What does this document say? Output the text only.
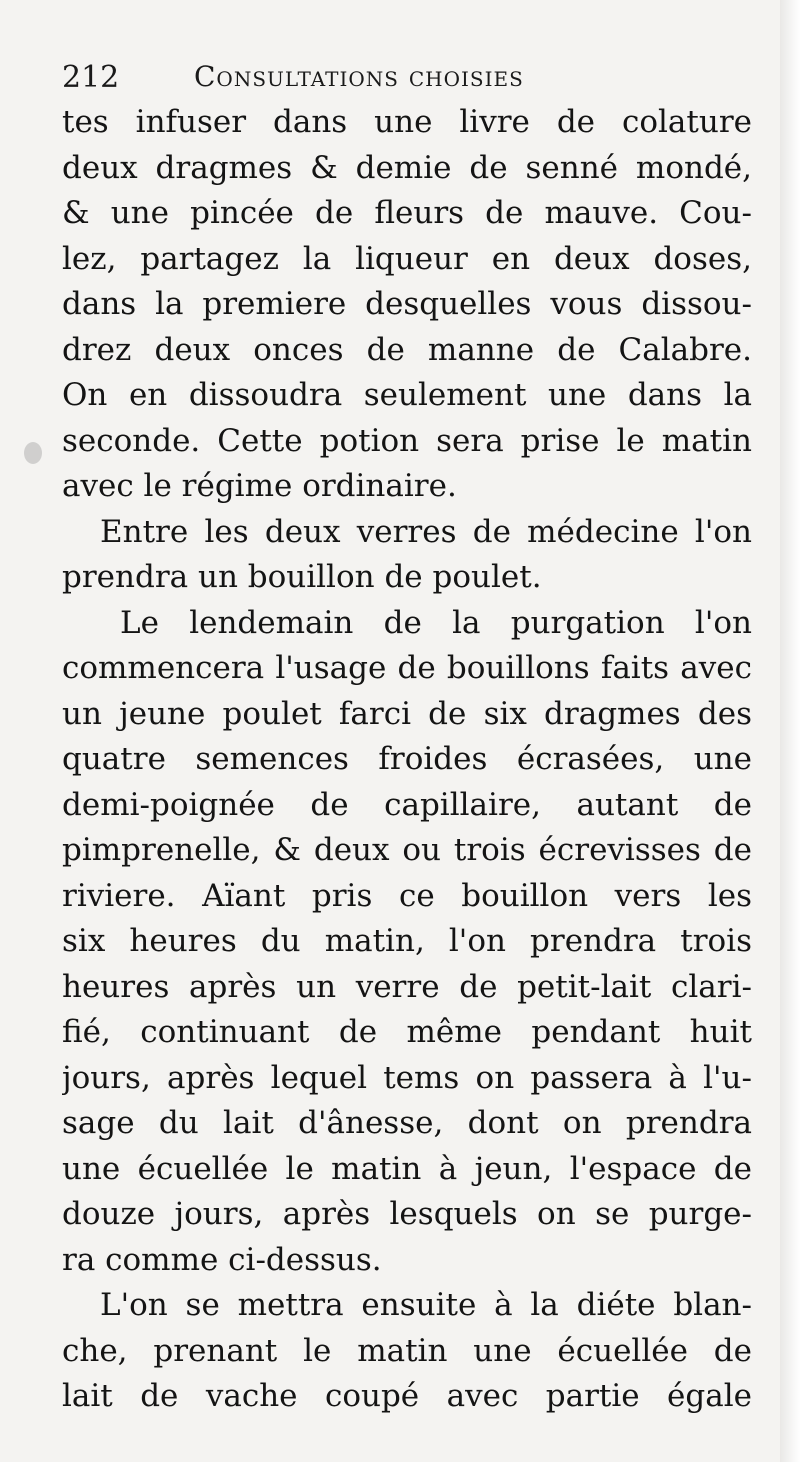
212	Consultations choisies
tes infuser dans une livre de colature
deux dragmes & demie de senné mondé,
& une pincée de fleurs de mauve. Cou-
lez, partagez la liqueur en deux doses,
dans la premiere desquelles vous dissou-
drez deux onces de manne de Calabre.
On en dissoudra seulement une dans la
seconde. Cette potion sera prise le matin
avec le régime ordinaire.
Entre les deux verres de médecine l'on
prendra un bouillon de poulet.
Le lendemain de la purgation l'on
commencera l'usage de bouillons faits avec
un jeune poulet farci de six dragmes des
quatre semences froides écrasées, une
demi-poignée de capillaire, autant de
pimprenelle, & deux ou trois écrevisses de
riviere. Aïant pris ce bouillon vers les
six heures du matin, l'on prendra trois
heures après un verre de petit-lait clari-
fié, continuant de même pendant huit
jours, après lequel tems on passera à l'u-
sage du lait d'ânesse, dont on prendra
une écuellée le matin à jeun, l'espace de
douze jours, après lesquels on se purge-
ra comme ci-dessus.
L'on se mettra ensuite à la diéte blan-
che, prenant le matin une écuellée de
lait de vache coupé avec partie égale
